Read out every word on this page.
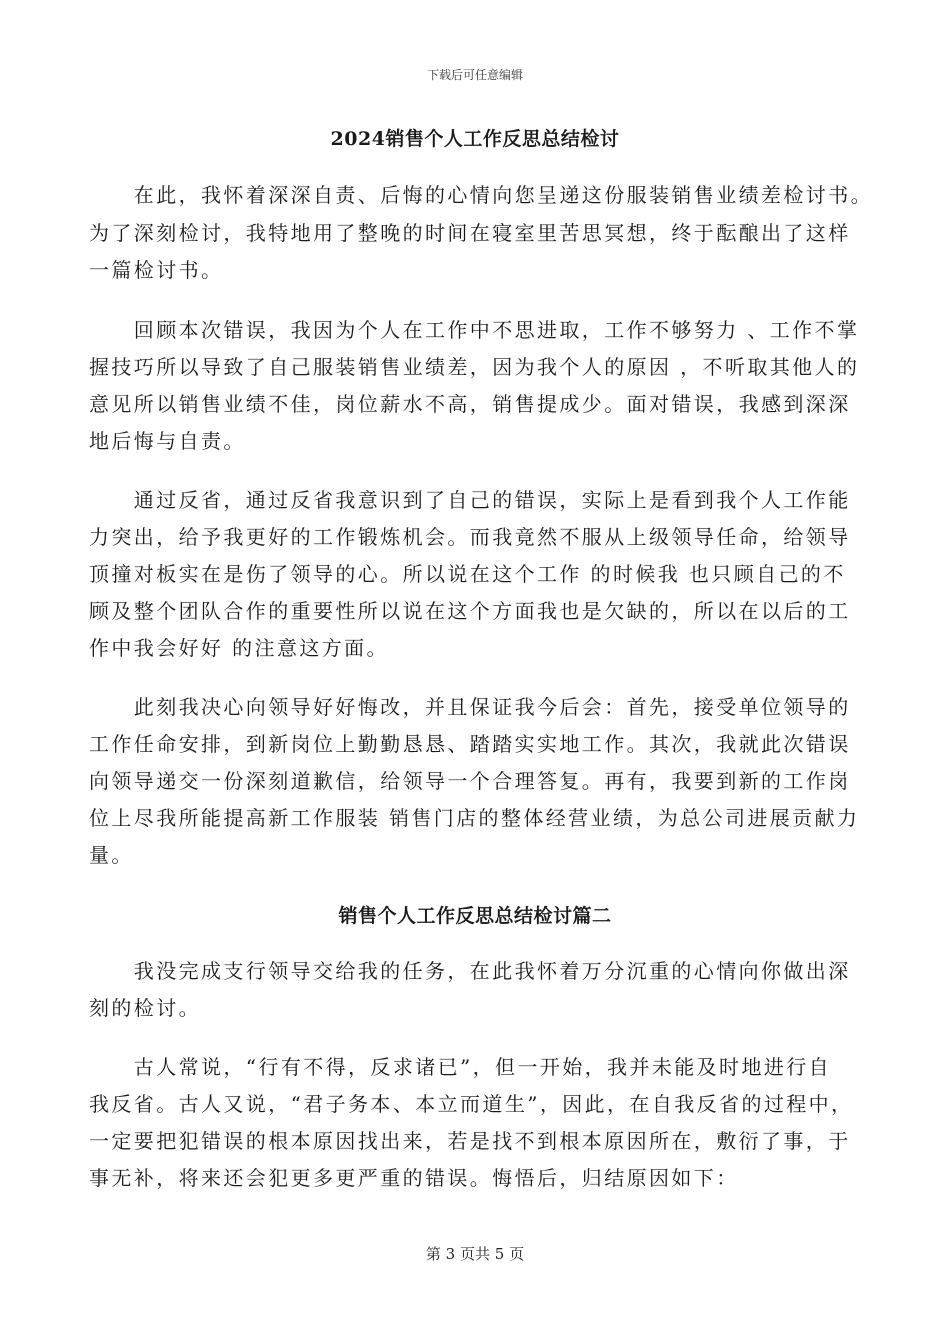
下载后可任意编辑
2024销售个人工作反思总结检讨
　　在此，我怀着深深自责、后悔的心情向您呈递这份服装销售业绩差检讨书。
为了深刻检讨，我特地用了整晚的时间在寝室里苦思冥想，终于酝酿出了这样
一篇检讨书。
　　回顾本次错误，我因为个人在工作中不思进取，工作不够努力 、工作不掌
握技巧所以导致了自己服装销售业绩差，因为我个人的原因 ，不听取其他人的
意见所以销售业绩不佳，岗位薪水不高，销售提成少。面对错误，我感到深深
地后悔与自责。
　　通过反省，通过反省我意识到了自己的错误，实际上是看到我个人工作能
力突出，给予我更好的工作锻炼机会。而我竟然不服从上级领导任命，给领导
顶撞对板实在是伤了领导的心。所以说在这个工作 的时候我 也只顾自己的不
顾及整个团队合作的重要性所以说在这个方面我也是欠缺的，所以在以后的工
作中我会好好 的注意这方面。
　　此刻我决心向领导好好悔改，并且保证我今后会：首先，接受单位领导的
工作任命安排，到新岗位上勤勤恳恳、踏踏实实地工作。其次，我就此次错误
向领导递交一份深刻道歉信，给领导一个合理答复。再有，我要到新的工作岗
位上尽我所能提高新工作服装 销售门店的整体经营业绩，为总公司进展贡献力
量。
销售个人工作反思总结检讨篇二
　　我没完成支行领导交给我的任务，在此我怀着万分沉重的心情向你做出深
刻的检讨。
　　古人常说，“行有不得，反求诸已”，但一开始，我并未能及时地进行自
我反省。古人又说，“君子务本、本立而道生”，因此，在自我反省的过程中，
一定要把犯错误的根本原因找出来，若是找不到根本原因所在，敷衍了事，于
事无补，将来还会犯更多更严重的错误。悔悟后，归结原因如下：
第 3 页共 5 页
